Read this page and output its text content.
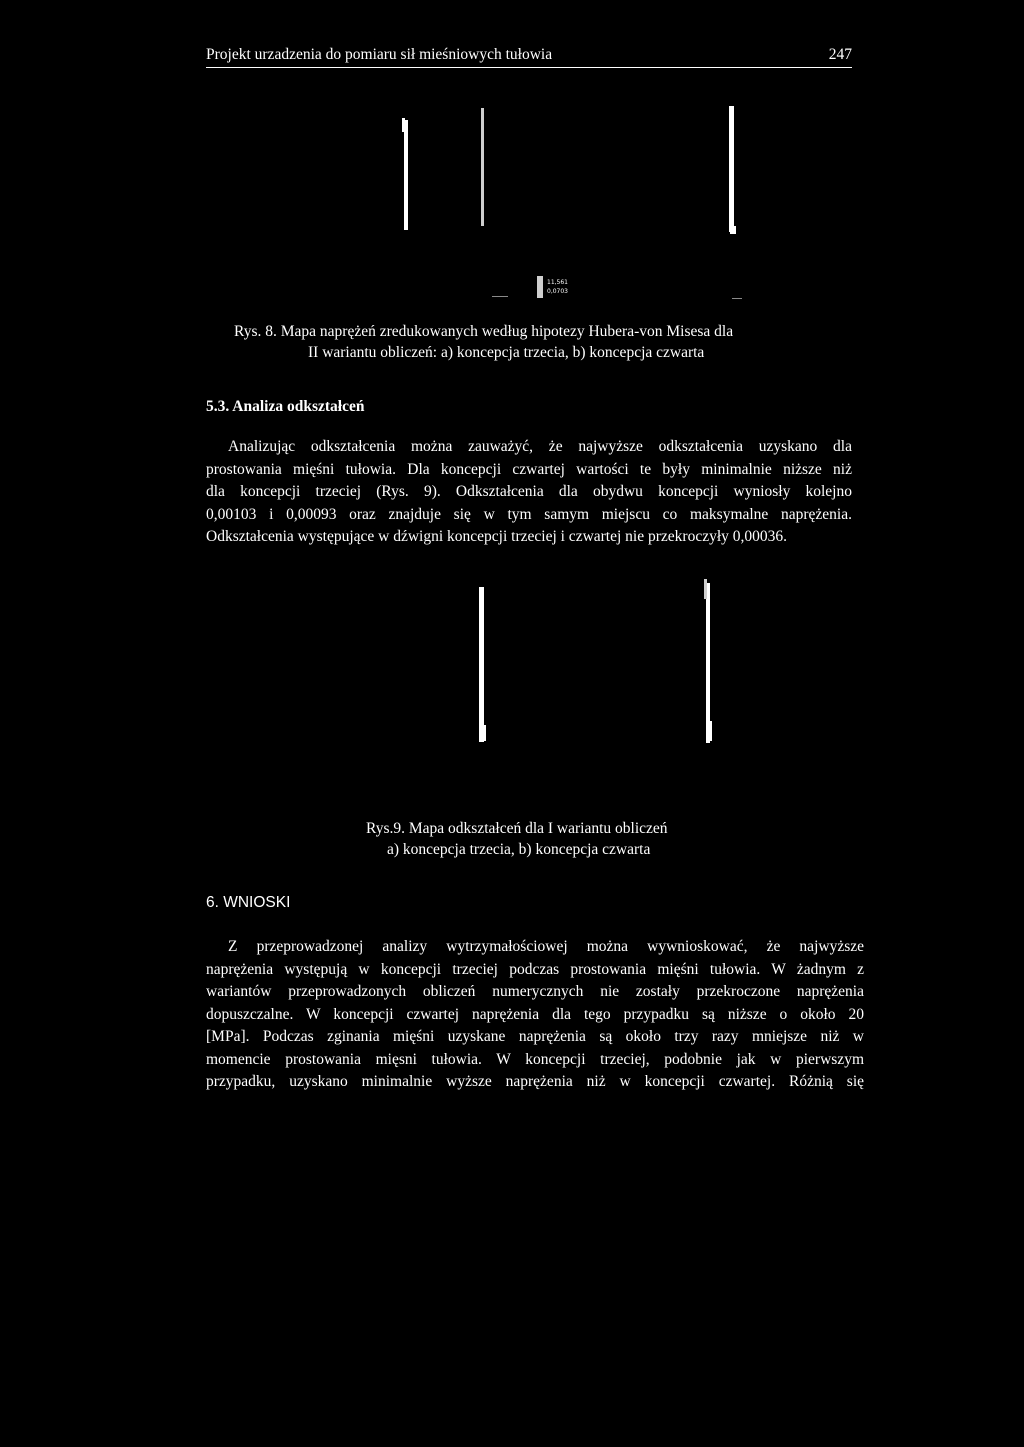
Projekt urzadzenia do pomiaru sił mieśniowych tułowia	247
11,561
0,0703
Rys. 8. Mapa naprężeń zredukowanych według hipotezy Hubera-von Misesa dla
II wariantu obliczeń: a) koncepcja trzecia, b) koncepcja czwarta
5.3. Analiza odkształceń
Analizując odkształcenia można zauważyć, że najwyższe odkształcenia uzyskano dla
prostowania mięśni tułowia. Dla koncepcji czwartej wartości te były minimalnie niższe niż
dla koncepcji trzeciej (Rys. 9). Odkształcenia dla obydwu koncepcji wyniosły kolejno
0,00103 i 0,00093 oraz znajduje się w tym samym miejscu co maksymalne naprężenia.
Odkształcenia występujące w dźwigni koncepcji trzeciej i czwartej nie przekroczyły 0,00036.
Rys.9. Mapa odkształceń dla I wariantu obliczeń
a) koncepcja trzecia, b) koncepcja czwarta
6. WNIOSKI
Z przeprowadzonej analizy wytrzymałościowej można wywnioskować, że najwyższe
naprężenia występują w koncepcji trzeciej podczas prostowania mięśni tułowia. W żadnym z
wariantów przeprowadzonych obliczeń numerycznych nie zostały przekroczone naprężenia
dopuszczalne. W koncepcji czwartej naprężenia dla tego przypadku są niższe o około 20
[MPa]. Podczas zginania mięśni uzyskane naprężenia są około trzy razy mniejsze niż w
momencie prostowania mięsni tułowia. W koncepcji trzeciej, podobnie jak w pierwszym
przypadku, uzyskano minimalnie wyższe naprężenia niż w koncepcji czwartej. Różnią się
